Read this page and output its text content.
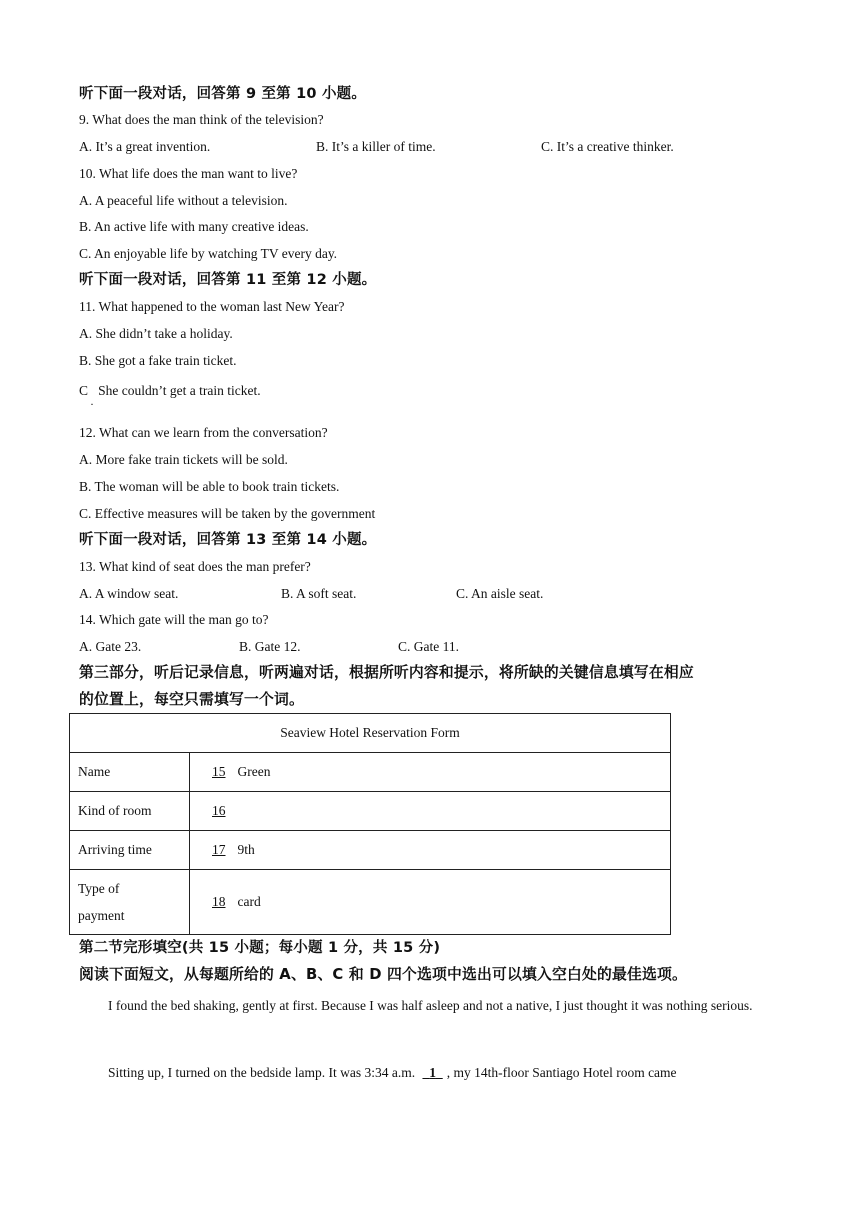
听下面一段对话，回答第 9 至第 10 小题。
9. What does the man think of the television?
A. It’s a great invention.	B. It’s a killer of time.	C. It’s a creative thinker.
10. What life does the man want to live?
A. A peaceful life without a television.
B. An active life with many creative ideas.
C. An enjoyable life by watching TV every day.
听下面一段对话，回答第 11 至第 12 小题。
11. What happened to the woman last New Year?
A. She didn’t take a holiday.
B. She got a fake train ticket.
C   She couldn’t get a train ticket.
·
12. What can we learn from the conversation?
A. More fake train tickets will be sold.
B. The woman will be able to book train tickets.
C. Effective measures will be taken by the government
听下面一段对话，回答第 13 至第 14 小题。
13. What kind of seat does the man prefer?
A. A window seat.	B. A soft seat.	C. An aisle seat.
14. Which gate will the man go to?
A. Gate 23.	B. Gate 12.	C. Gate 11.
第三部分，听后记录信息，听两遍对话，根据所听内容和提示，将所缺的关键信息填写在相应
的位置上，每空只需填写一个词。
Seaview Hotel Reservation Form	
Name	15 Green
Kind of room	16
Arriving time	17 9th
Type of
payment	18 card
第二节完形填空(共 15 小题；每小题 1 分，共 15 分)
阅读下面短文，从每题所给的 A、B、C 和 D 四个选项中选出可以填入空白处的最佳选项。
I found the bed shaking, gently at first. Because I was half asleep and not a native, I just thought it was nothing serious.
Sitting up, I turned on the bedside lamp. It was 3:34 a.m. 1 , my 14th-floor Santiago Hotel room came
